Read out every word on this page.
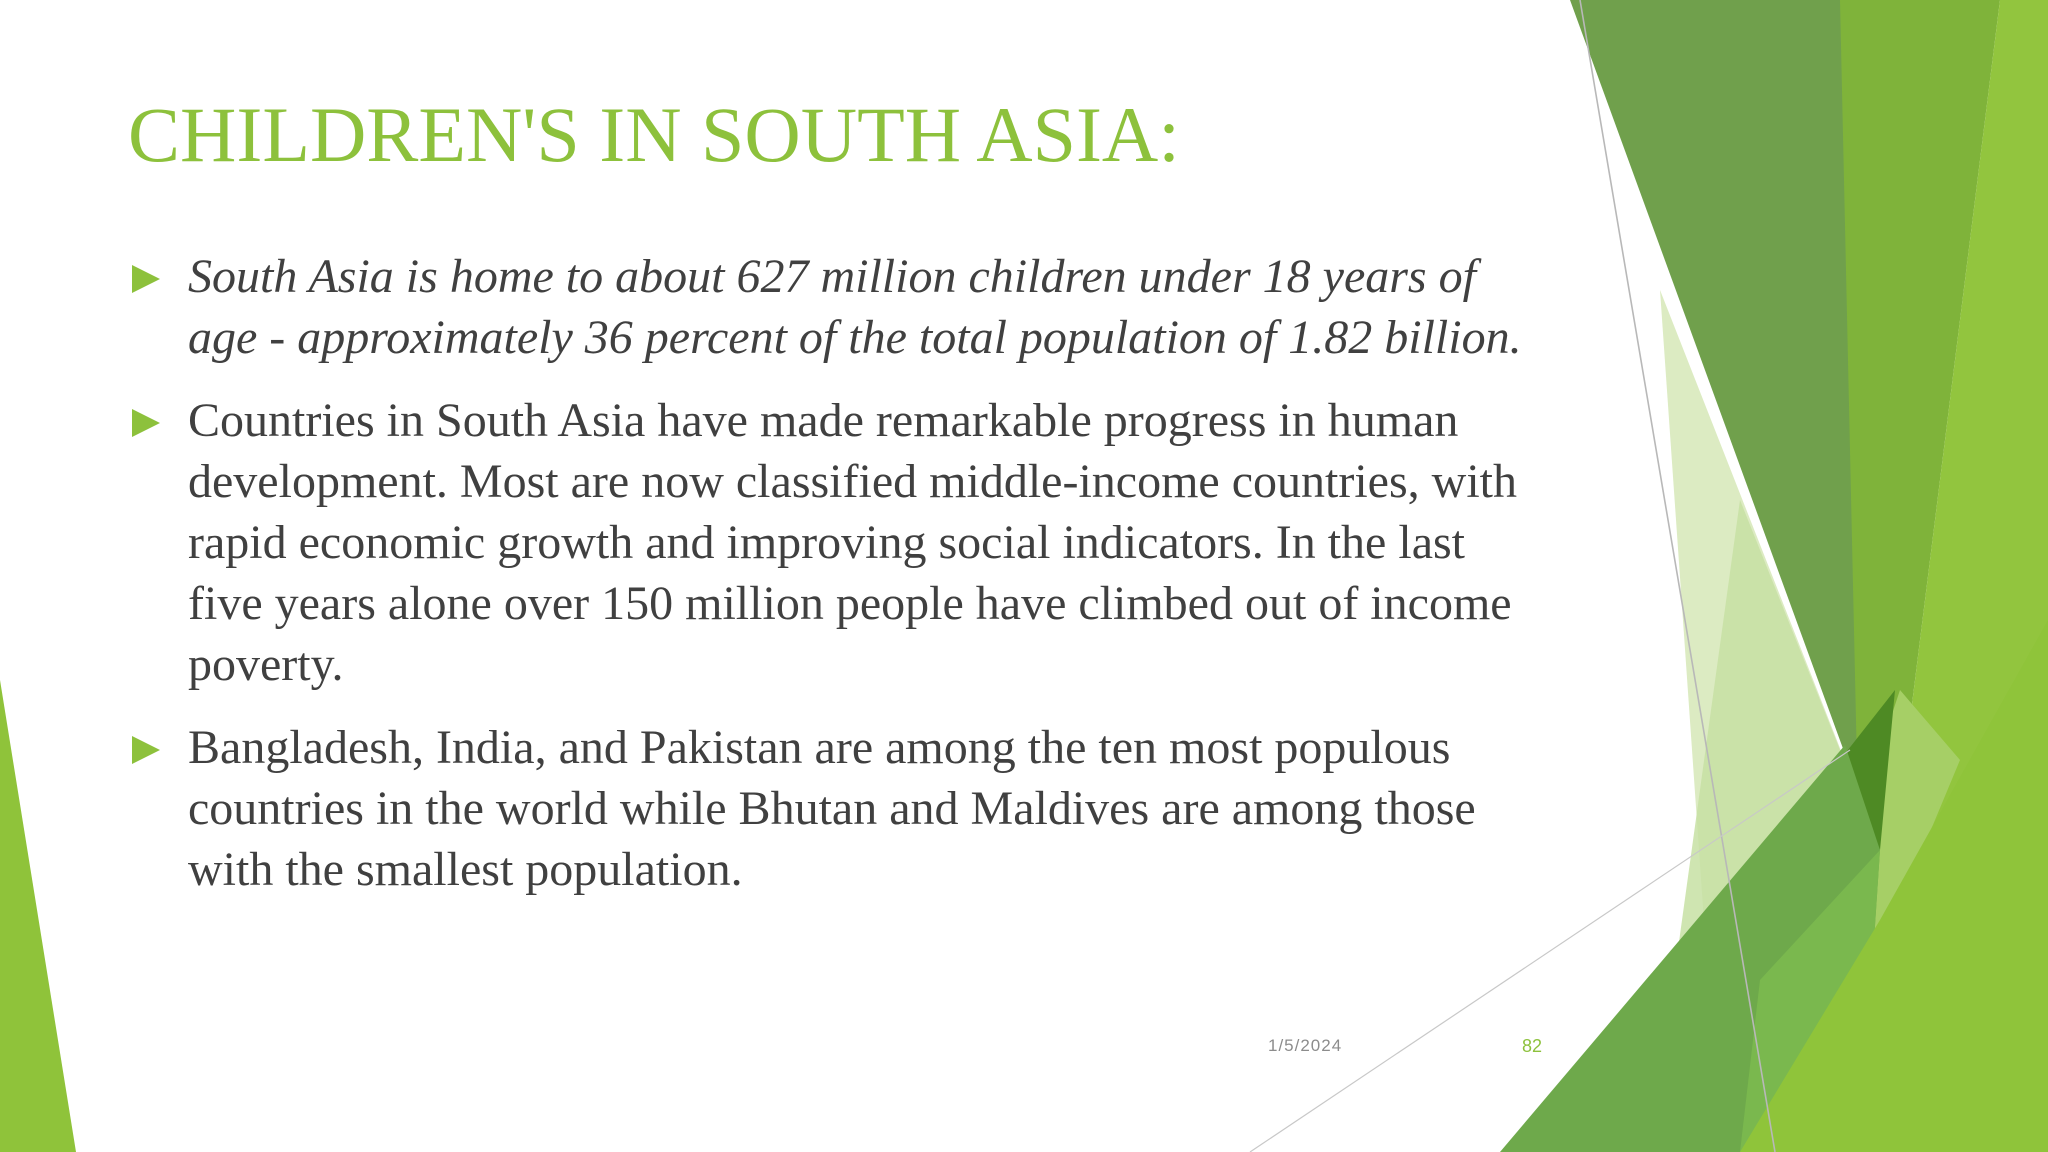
CHILDREN'S IN SOUTH ASIA:
South Asia is home to about 627 million children under 18 years of age - approximately 36 percent of the total population of 1.82 billion.
Countries in South Asia have made remarkable progress in human development. Most are now classified middle-income countries, with rapid economic growth and improving social indicators. In the last five years alone over 150 million people have climbed out of income poverty.
Bangladesh, India, and Pakistan are among the ten most populous countries in the world while Bhutan and Maldives are among those with the smallest population.
1/5/2024	82
